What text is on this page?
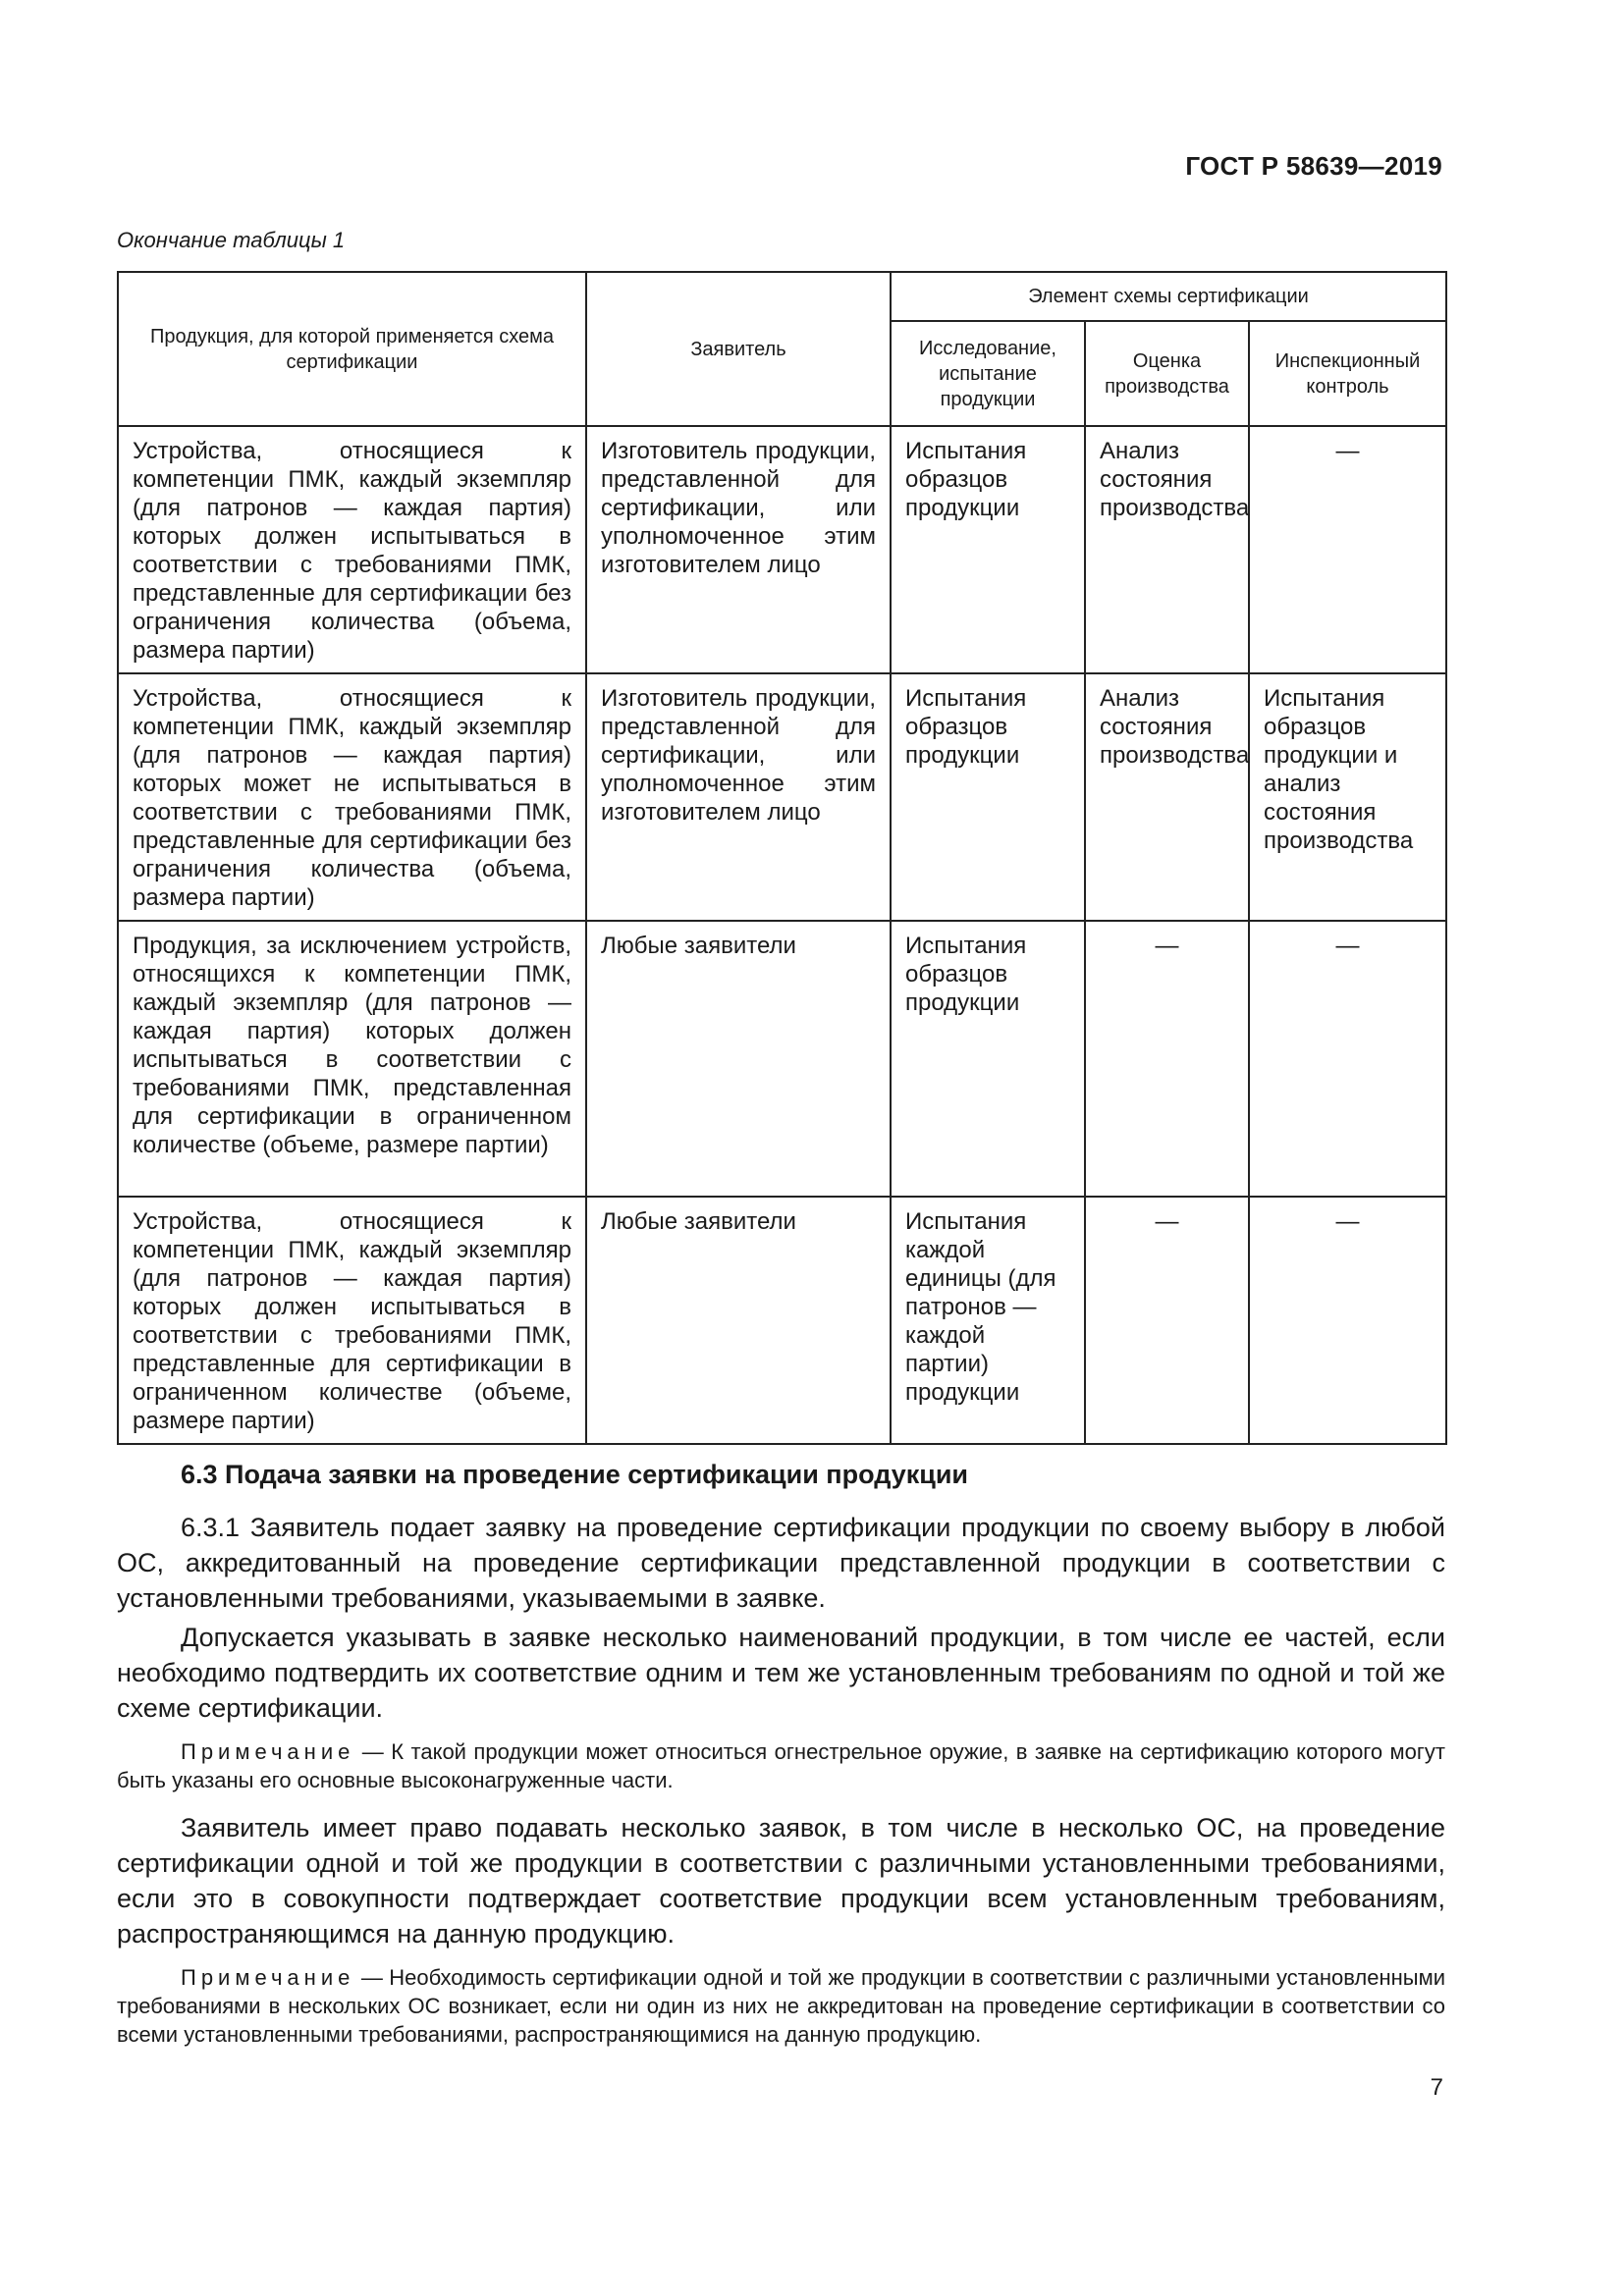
ГОСТ Р 58639—2019
Окончание таблицы 1
Продукция, для которой применяется схема сертификации	Заявитель	Элемент схемы сертификации		
		Исследование, испытание продукции	Оценка производства	Инспекционный контроль
Устройства, относящиеся к компетенции ПМК, каждый экземпляр (для патронов — каждая партия) которых должен испытываться в соответствии с требованиями ПМК, представленные для сертификации без ограничения количества (объема, размера партии)	Изготовитель продукции, представленной для сертификации, или уполномоченное этим изготовителем лицо	Испытания образцов продукции	Анализ состояния производства	—
Устройства, относящиеся к компетенции ПМК, каждый экземпляр (для патронов — каждая партия) которых может не испытываться в соответствии с требованиями ПМК, представленные для сертификации без ограничения количества (объема, размера партии)	Изготовитель продукции, представленной для сертификации, или уполномоченное этим изготовителем лицо	Испытания образцов продукции	Анализ состояния производства	Испытания образцов продукции и анализ состояния производства
Продукция, за исключением устройств, относящихся к компетенции ПМК, каждый экземпляр (для патронов — каждая партия) которых должен испытываться в соответствии с требованиями ПМК, представленная для сертификации в ограниченном количестве (объеме, размере партии)	Любые заявители	Испытания образцов продукции	—	—
Устройства, относящиеся к компетенции ПМК, каждый экземпляр (для патронов — каждая партия) которых должен испытываться в соответствии с требованиями ПМК, представленные для сертификации в ограниченном количестве (объеме, размере партии)	Любые заявители	Испытания каждой единицы (для патронов — каждой партии) продукции	—	—
6.3 Подача заявки на проведение сертификации продукции

6.3.1 Заявитель подает заявку на проведение сертификации продукции по своему выбору в любой ОС, аккредитованный на проведение сертификации представленной продукции в соответствии с установленными требованиями, указываемыми в заявке.

Допускается указывать в заявке несколько наименований продукции, в том числе ее частей, если необходимо подтвердить их соответствие одним и тем же установленным требованиям по одной и той же схеме сертификации.

Примечание — К такой продукции может относиться огнестрельное оружие, в заявке на сертификацию которого могут быть указаны его основные высоконагруженные части.

Заявитель имеет право подавать несколько заявок, в том числе в несколько ОС, на проведение сертификации одной и той же продукции в соответствии с различными установленными требованиями, если это в совокупности подтверждает соответствие продукции всем установленным требованиям, распространяющимся на данную продукцию.

Примечание — Необходимость сертификации одной и той же продукции в соответствии с различными установленными требованиями в нескольких ОС возникает, если ни один из них не аккредитован на проведение сертификации в соответствии со всеми установленными требованиями, распространяющимися на данную продукцию.

7
